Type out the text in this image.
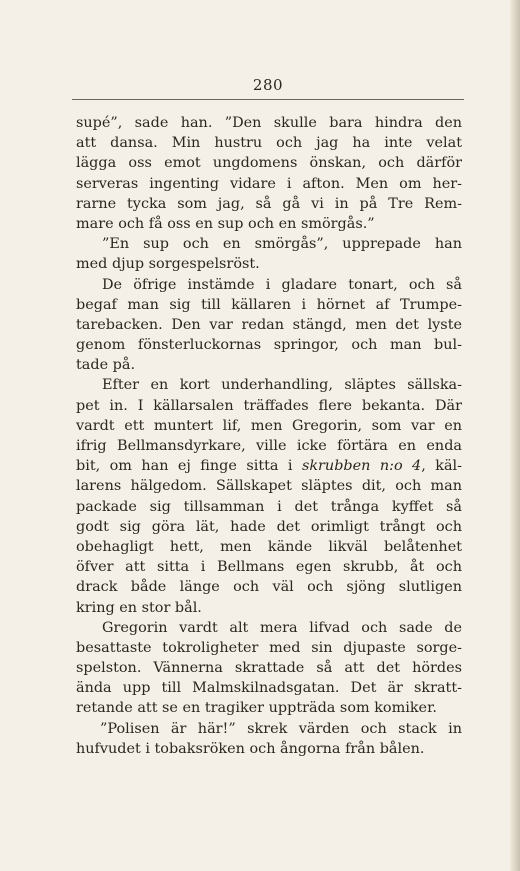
280
supé”, sade han. ”Den skulle bara hindra den
att dansa. Min hustru och jag ha inte velat
lägga oss emot ungdomens önskan, och därför
serveras ingenting vidare i afton. Men om her-
rarne tycka som jag, så gå vi in på Tre Rem-
mare och få oss en sup och en smörgås.”
”En sup och en smörgås”, upprepade han
med djup sorgespelsröst.
De öfrige instämde i gladare tonart, och så
begaf man sig till källaren i hörnet af Trumpe-
tarebacken. Den var redan stängd, men det lyste
genom fönsterluckornas springor, och man bul-
tade på.
Efter en kort underhandling, släptes sällska-
pet in. I källarsalen träffades flere bekanta. Där
vardt ett muntert lif, men Gregorin, som var en
ifrig Bellmansdyrkare, ville icke förtära en enda
bit, om han ej finge sitta i skrubben n:o 4, käl-
larens hälgedom. Sällskapet släptes dit, och man
packade sig tillsamman i det trånga kyffet så
godt sig göra lät, hade det orimligt trångt och
obehagligt hett, men kände likväl belåtenhet
öfver att sitta i Bellmans egen skrubb, åt och
drack både länge och väl och sjöng slutligen
kring en stor bål.
Gregorin vardt alt mera lifvad och sade de
besattaste tokroligheter med sin djupaste sorge-
spelston. Vännerna skrattade så att det hördes
ända upp till Malmskilnadsgatan. Det är skratt-
retande att se en tragiker uppträda som komiker.
”Polisen är här!” skrek värden och stack in
hufvudet i tobaksröken och ångorna från bålen.
